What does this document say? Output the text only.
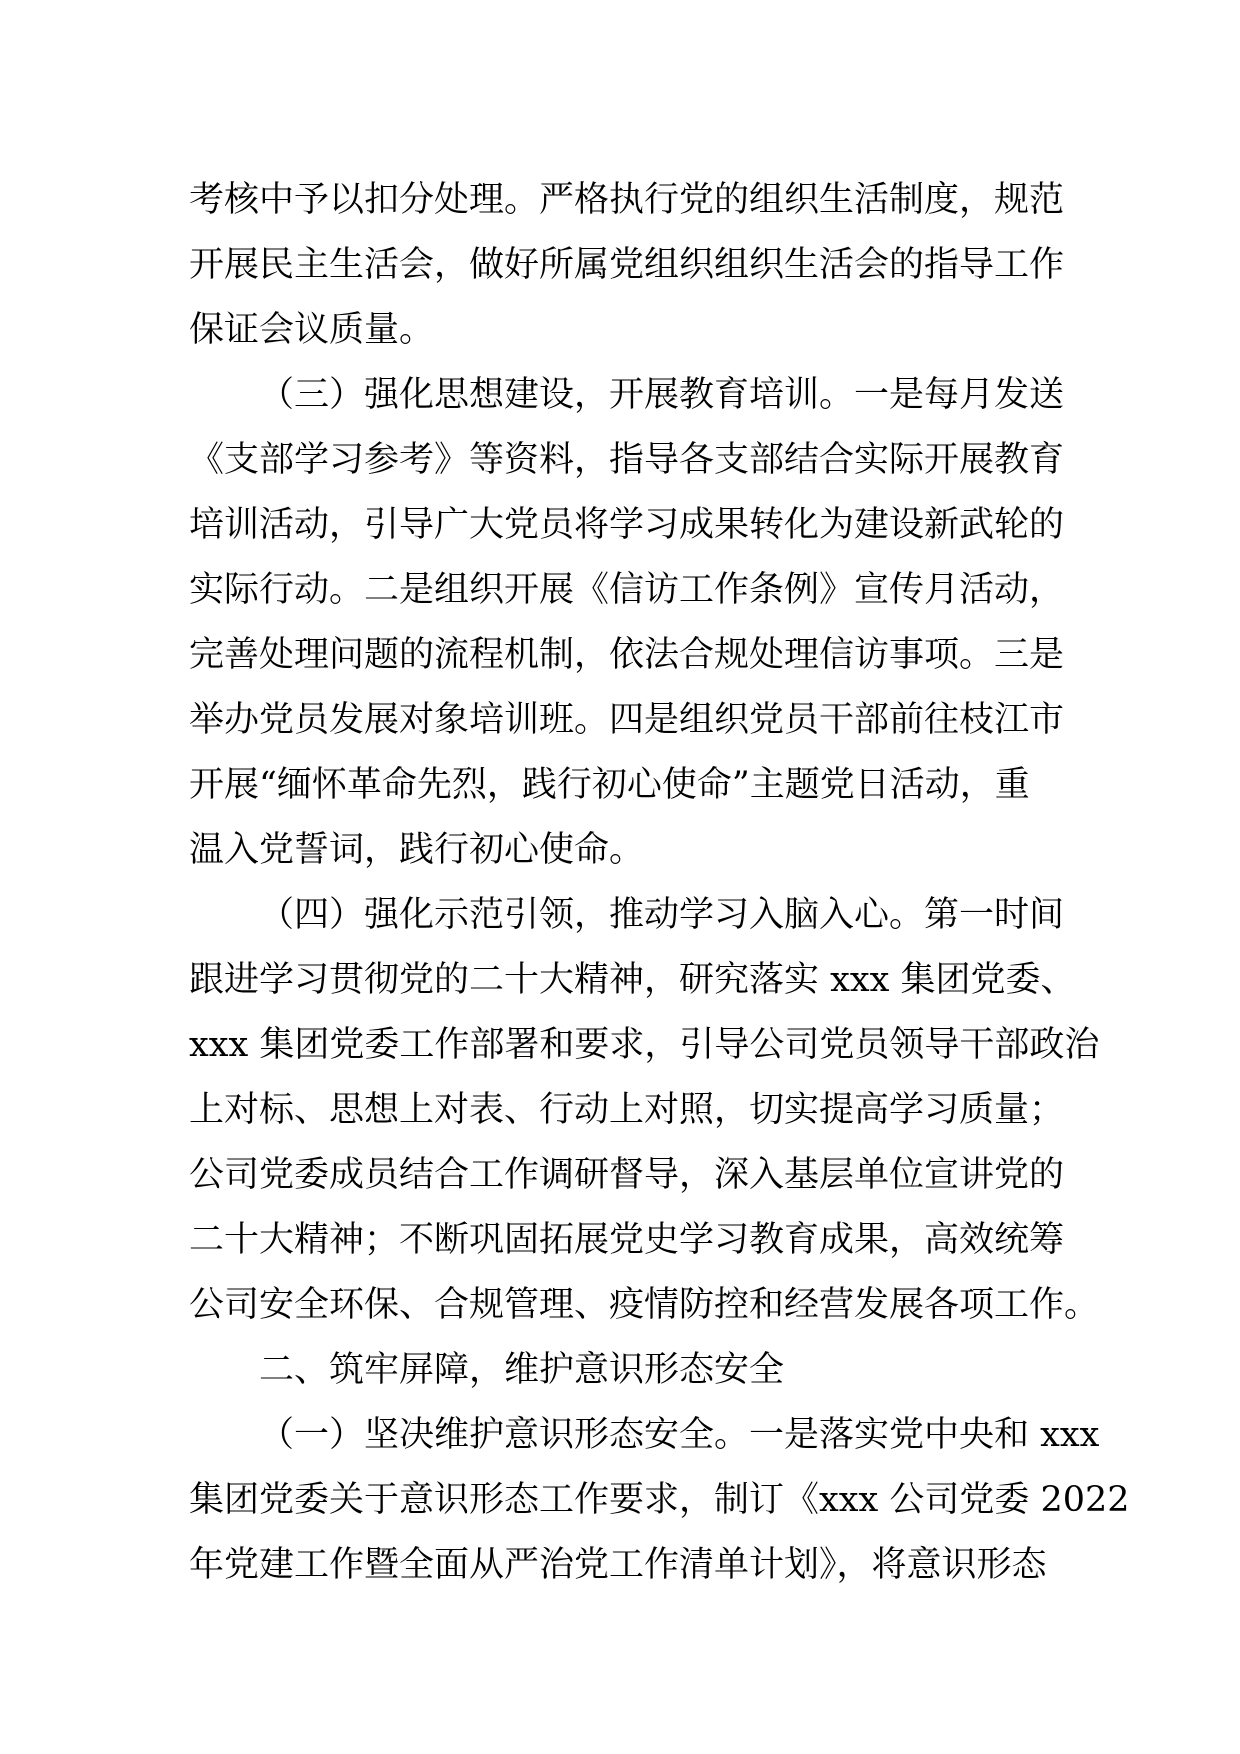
考核中予以扣分处理。严格执行党的组织生活制度，规范
开展民主生活会，做好所属党组织组织生活会的指导工作
保证会议质量。
（三）强化思想建设，开展教育培训。一是每月发送
《支部学习参考》等资料，指导各支部结合实际开展教育
培训活动，引导广大党员将学习成果转化为建设新武轮的
实际行动。二是组织开展《信访工作条例》宣传月活动，
完善处理问题的流程机制，依法合规处理信访事项。三是
举办党员发展对象培训班。四是组织党员干部前往枝江市
开展“缅怀革命先烈，践行初心使命”主题党日活动，重
温入党誓词，践行初心使命。
（四）强化示范引领，推动学习入脑入心。第一时间
跟进学习贯彻党的二十大精神，研究落实 xxx 集团党委、
xxx 集团党委工作部署和要求，引导公司党员领导干部政治
上对标、思想上对表、行动上对照，切实提高学习质量；
公司党委成员结合工作调研督导，深入基层单位宣讲党的
二十大精神；不断巩固拓展党史学习教育成果，高效统筹
公司安全环保、合规管理、疫情防控和经营发展各项工作。
二、筑牢屏障，维护意识形态安全
（一）坚决维护意识形态安全。一是落实党中央和 xxx
集团党委关于意识形态工作要求，制订《xxx 公司党委 2022
年党建工作暨全面从严治党工作清单计划》，将意识形态
